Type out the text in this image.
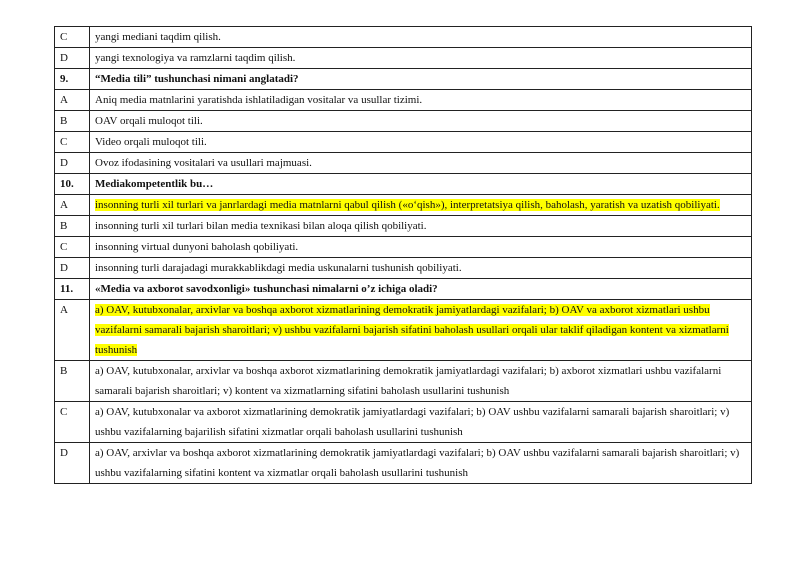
C	yangi mediani taqdim qilish.
D	yangi texnologiya va ramzlarni taqdim qilish.
9.	“Media tili” tushunchasi nimani anglatadi?
A	Aniq media matnlarini yaratishda ishlatiladigan vositalar va usullar tizimi.
B	OAV orqali muloqot tili.
C	Video orqali muloqot tili.
D	Ovoz ifodasining vositalari va usullari majmuasi.
10.	Mediakompetentlik bu…
A	insonning turli xil turlari va janrlardagi media matnlarni qabul qilish («o‘qish»), interpretatsiya qilish, baholash, yaratish va uzatish qobiliyati.
B	insonning turli xil turlari bilan media texnikasi bilan aloqa qilish qobiliyati.
C	insonning virtual dunyoni baholash qobiliyati.
D	insonning turli darajadagi murakkablikdagi media uskunalarni tushunish qobiliyati.
11.	«Media va axborot savodxonligi» tushunchasi nimalarni o’z ichiga oladi?
A	a) OAV, kutubxonalar, arxivlar va boshqa axborot xizmatlarining demokratik jamiyatlardagi vazifalari; b) OAV va axborot xizmatlari ushbu vazifalarni samarali bajarish sharoitlari; v) ushbu vazifalarni bajarish sifatini baholash usullari orqali ular taklif qiladigan kontent va xizmatlarni tushunish
B	a) OAV, kutubxonalar, arxivlar va boshqa axborot xizmatlarining demokratik jamiyatlardagi vazifalari; b) axborot xizmatlari ushbu vazifalarni samarali bajarish sharoitlari; v) kontent va xizmatlarning sifatini baholash usullarini tushunish
C	a) OAV, kutubxonalar va axborot xizmatlarining demokratik jamiyatlardagi vazifalari; b) OAV ushbu vazifalarni samarali bajarish sharoitlari; v) ushbu vazifalarning bajarilish sifatini xizmatlar orqali baholash usullarini tushunish
D	a) OAV, arxivlar va boshqa axborot xizmatlarining demokratik jamiyatlardagi vazifalari; b) OAV ushbu vazifalarni samarali bajarish sharoitlari; v) ushbu vazifalarning sifatini kontent va xizmatlar orqali baholash usullarini tushunish
